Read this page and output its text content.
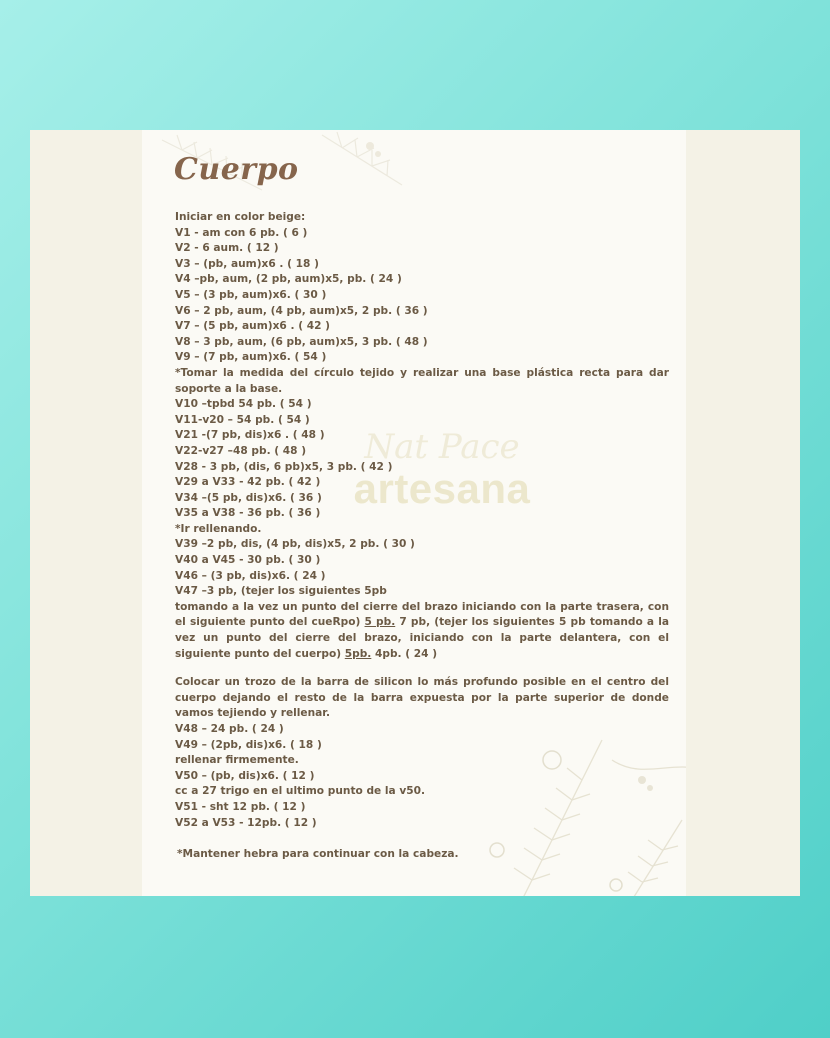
Nat Pace
artesana
Cuerpo
Iniciar en color beige:
V1 - am con 6 pb. ( 6 )
V2 - 6 aum. ( 12 )
V3 – (pb, aum)x6 . ( 18 )
V4 –pb, aum, (2 pb, aum)x5, pb. ( 24 )
V5 – (3 pb, aum)x6. ( 30 )
V6 – 2 pb, aum, (4 pb, aum)x5, 2 pb. ( 36 )
V7 – (5 pb, aum)x6 . ( 42 )
V8 – 3 pb, aum, (6 pb, aum)x5, 3 pb. ( 48 )
V9 – (7 pb, aum)x6. ( 54 )
*Tomar la medida del círculo tejido y realizar una base plástica recta para dar soporte a la base.
V10 –tpbd 54 pb. ( 54 )
V11-v20 – 54 pb. ( 54 )
V21 -(7 pb, dis)x6 . ( 48 )
V22-v27 –48 pb. ( 48 )
V28 - 3 pb, (dis, 6 pb)x5, 3 pb. ( 42 )
V29 a V33 - 42 pb. ( 42 )
V34 –(5 pb, dis)x6. ( 36 )
V35 a V38 - 36 pb. ( 36 )
*Ir rellenando.
V39 –2 pb, dis, (4 pb, dis)x5, 2 pb. ( 30 )
V40 a V45 - 30 pb. ( 30 )
V46 – (3 pb, dis)x6. ( 24 )
V47 –3 pb, (tejer los siguientes 5pb
tomando a la vez un punto del cierre del brazo iniciando con la parte trasera, con el siguiente punto del cueRpo) 5 pb. 7 pb, (tejer los siguientes 5 pb tomando a la vez un punto del cierre del brazo, iniciando con la parte delantera, con el siguiente punto del cuerpo) 5pb. 4pb. ( 24 )
Colocar un trozo de la barra de silicon lo más profundo posible en el centro del cuerpo dejando el resto de la barra expuesta por la parte superior de donde vamos tejiendo y rellenar.
V48 – 24 pb. ( 24 )
V49 – (2pb, dis)x6. ( 18 )
rellenar firmemente.
V50 – (pb, dis)x6. ( 12 )
cc a 27 trigo en el ultimo punto de la v50.
V51 - sht 12 pb. ( 12 )
V52 a V53 - 12pb. ( 12 )
*Mantener hebra para continuar con la cabeza.
